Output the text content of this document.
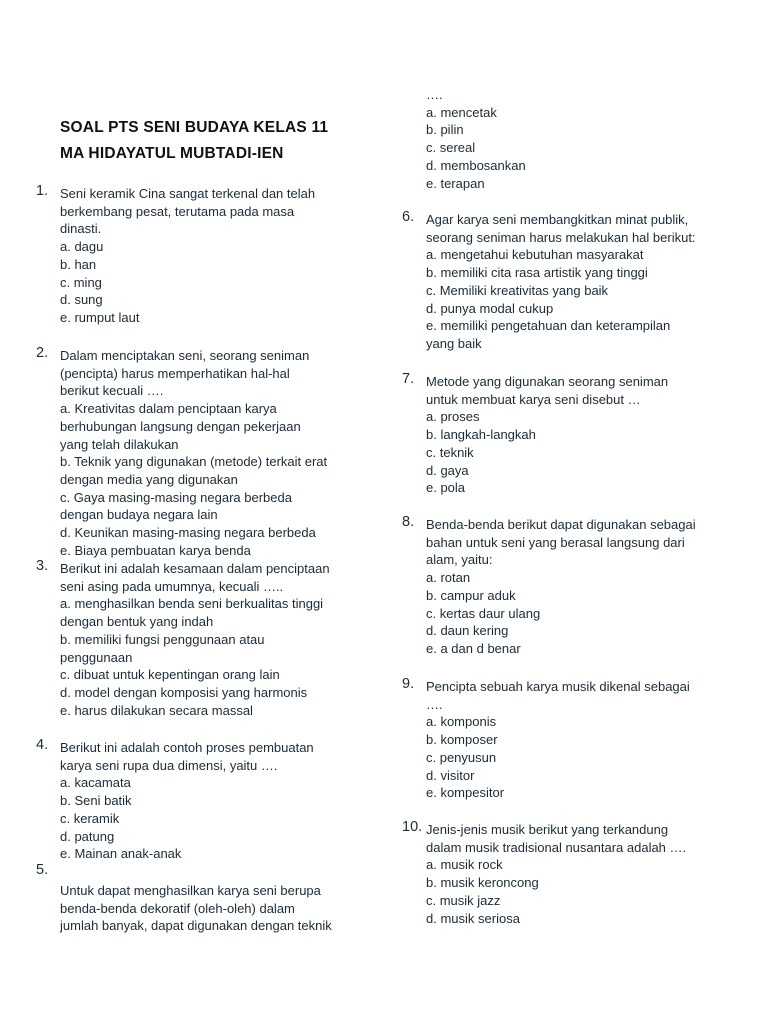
SOAL PTS SENI BUDAYA KELAS 11
MA HIDAYATUL MUBTADI-IEN
1. Seni keramik Cina sangat terkenal dan telah
berkembang pesat, terutama pada masa
dinasti.
a. dagu
b. han
c. ming
d. sung
e. rumput laut
2. Dalam menciptakan seni, seorang seniman
(pencipta) harus memperhatikan hal-hal
berikut kecuali ….
a. Kreativitas dalam penciptaan karya
berhubungan langsung dengan pekerjaan
yang telah dilakukan
b. Teknik yang digunakan (metode) terkait erat
dengan media yang digunakan
c. Gaya masing-masing negara berbeda
dengan budaya negara lain
d. Keunikan masing-masing negara berbeda
e. Biaya pembuatan karya benda
3. Berikut ini adalah kesamaan dalam penciptaan
seni asing pada umumnya, kecuali …..
a. menghasilkan benda seni berkualitas tinggi
dengan bentuk yang indah
b. memiliki fungsi penggunaan atau
penggunaan
c. dibuat untuk kepentingan orang lain
d. model dengan komposisi yang harmonis
e. harus dilakukan secara massal
4. Berikut ini adalah contoh proses pembuatan
karya seni rupa dua dimensi, yaitu ….
a. kacamata
b. Seni batik
c. keramik
d. patung
e. Mainan anak-anak
5.
Untuk dapat menghasilkan karya seni berupa
benda-benda dekoratif (oleh-oleh) dalam
jumlah banyak, dapat digunakan dengan teknik
….
a. mencetak
b. pilin
c. sereal
d. membosankan
e. terapan
6. Agar karya seni membangkitkan minat publik,
seorang seniman harus melakukan hal berikut:
a. mengetahui kebutuhan masyarakat
b. memiliki cita rasa artistik yang tinggi
c. Memiliki kreativitas yang baik
d. punya modal cukup
e. memiliki pengetahuan dan keterampilan
yang baik
7. Metode yang digunakan seorang seniman
untuk membuat karya seni disebut …
a. proses
b. langkah-langkah
c. teknik
d. gaya
e. pola
8. Benda-benda berikut dapat digunakan sebagai
bahan untuk seni yang berasal langsung dari
alam, yaitu:
a. rotan
b. campur aduk
c. kertas daur ulang
d. daun kering
e. a dan d benar
9. Pencipta sebuah karya musik dikenal sebagai
….
a. komponis
b. komposer
c. penyusun
d. visitor
e. kompesitor
10. Jenis-jenis musik berikut yang terkandung
dalam musik tradisional nusantara adalah ….
a. musik rock
b. musik keroncong
c. musik jazz
d. musik seriosa
